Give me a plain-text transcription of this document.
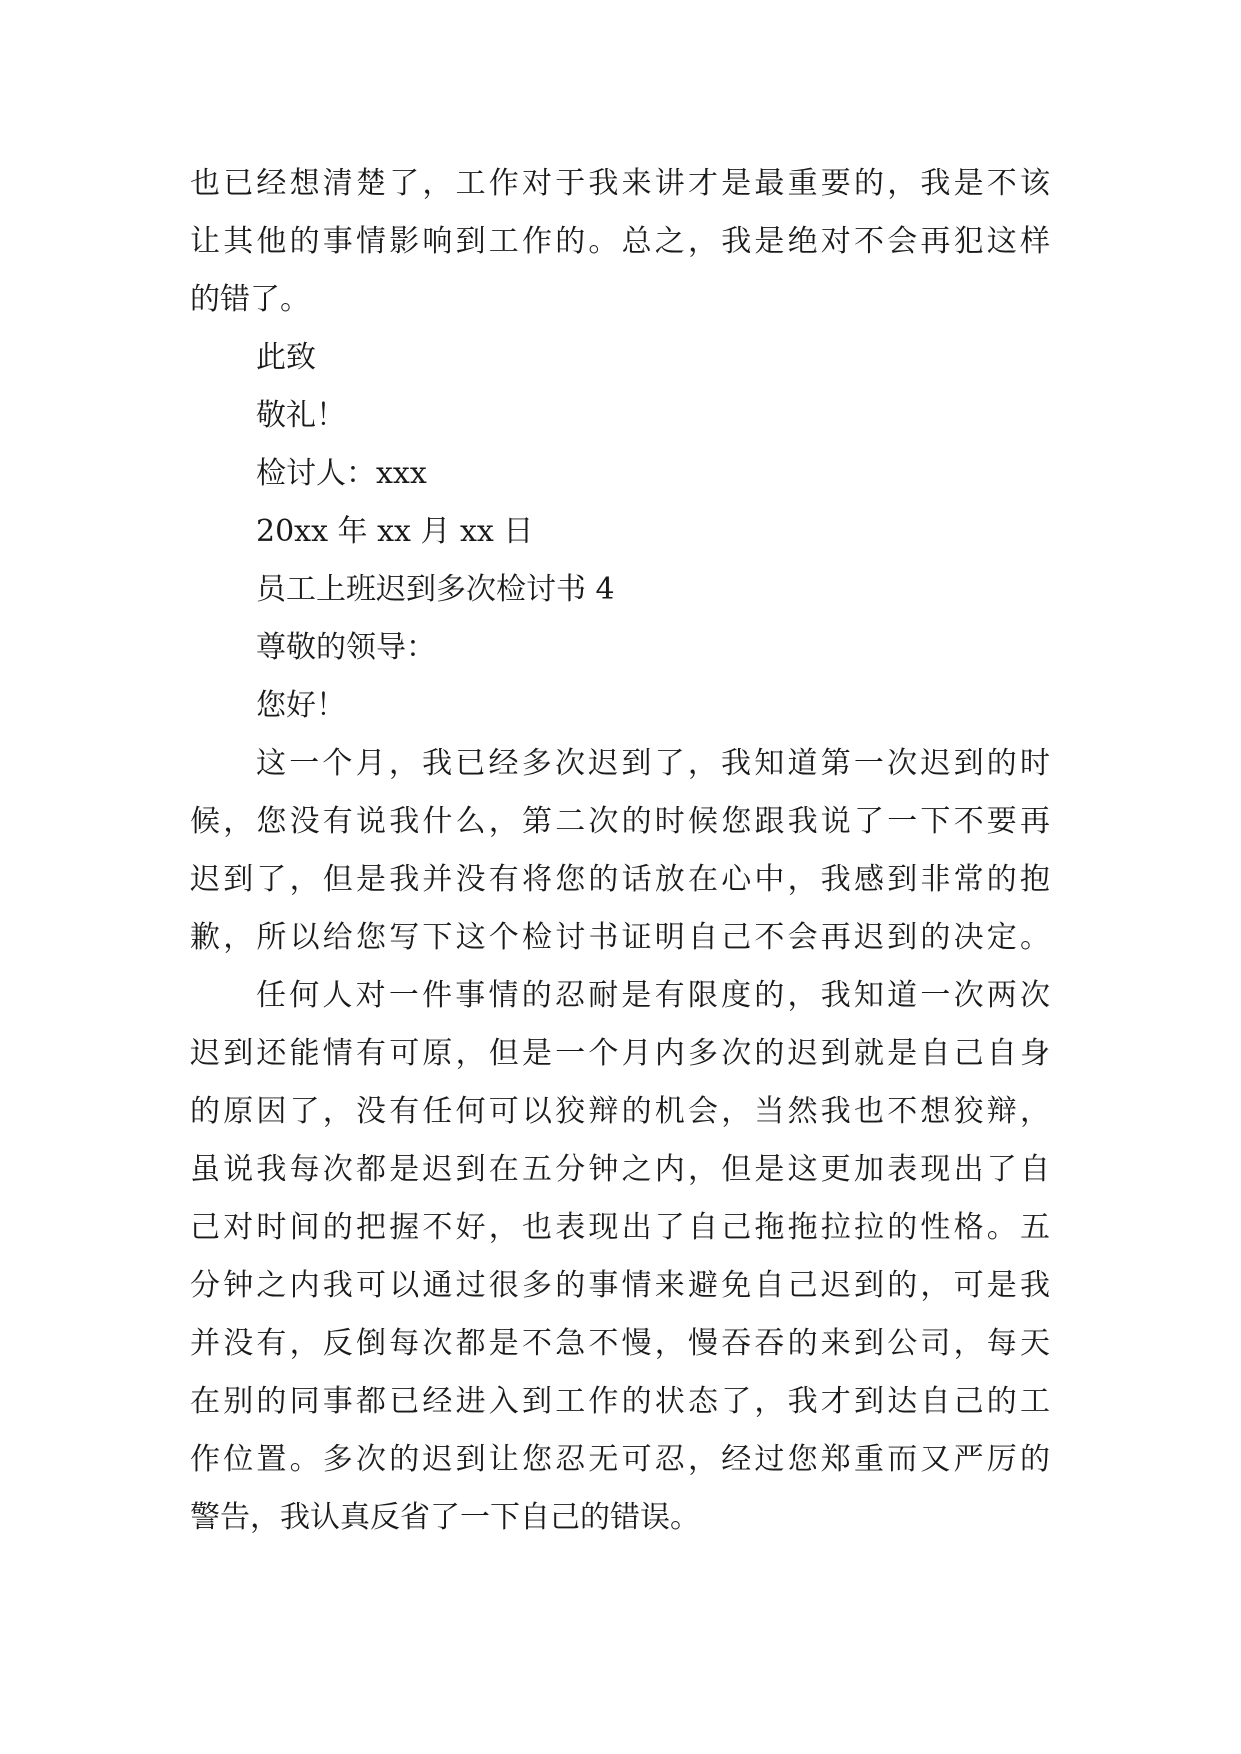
也已经想清楚了，工作对于我来讲才是最重要的，我是不该
让其他的事情影响到工作的。总之，我是绝对不会再犯这样
的错了。
此致
敬礼！
检讨人：xxx
20xx 年 xx 月 xx 日
员工上班迟到多次检讨书 4
尊敬的领导：
您好！
这一个月，我已经多次迟到了，我知道第一次迟到的时
候，您没有说我什么，第二次的时候您跟我说了一下不要再
迟到了，但是我并没有将您的话放在心中，我感到非常的抱
歉，所以给您写下这个检讨书证明自己不会再迟到的决定。
任何人对一件事情的忍耐是有限度的，我知道一次两次
迟到还能情有可原，但是一个月内多次的迟到就是自己自身
的原因了，没有任何可以狡辩的机会，当然我也不想狡辩，
虽说我每次都是迟到在五分钟之内，但是这更加表现出了自
己对时间的把握不好，也表现出了自己拖拖拉拉的性格。五
分钟之内我可以通过很多的事情来避免自己迟到的，可是我
并没有，反倒每次都是不急不慢，慢吞吞的来到公司，每天
在别的同事都已经进入到工作的状态了，我才到达自己的工
作位置。多次的迟到让您忍无可忍，经过您郑重而又严厉的
警告，我认真反省了一下自己的错误。
